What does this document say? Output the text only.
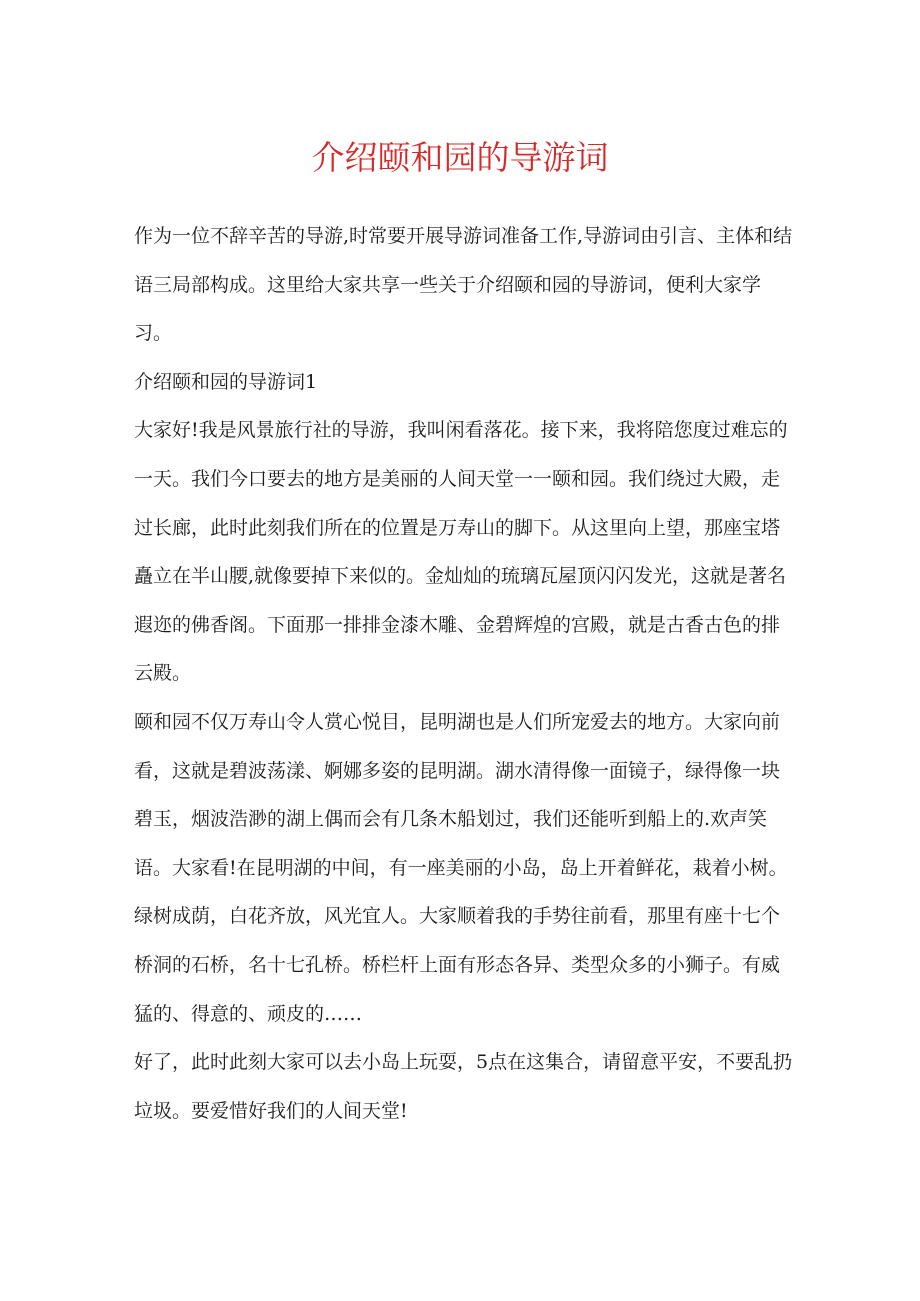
介绍颐和园的导游词

作为一位不辞辛苦的导游,时常要开展导游词准备工作,导游词由引言、主体和结语三局部构成。这里给大家共享一些关于介绍颐和园的导游词，便利大家学习。

介绍颐和园的导游词1

大家好!我是风景旅行社的导游，我叫闲看落花。接下来，我将陪您度过难忘的一天。我们今口要去的地方是美丽的人间天堂一一颐和园。我们绕过大殿，走过长廊，此时此刻我们所在的位置是万寿山的脚下。从这里向上望，那座宝塔矗立在半山腰,就像要掉下来似的。金灿灿的琉璃瓦屋顶闪闪发光，这就是著名遐迩的佛香阁。下面那一排排金漆木雕、金碧辉煌的宫殿，就是古香古色的排云殿。

颐和园不仅万寿山令人赏心悦目，昆明湖也是人们所宠爱去的地方。大家向前看，这就是碧波荡漾、婀娜多姿的昆明湖。湖水清得像一面镜子，绿得像一块碧玉，烟波浩渺的湖上偶而会有几条木船划过，我们还能听到船上的.欢声笑语。大家看!在昆明湖的中间，有一座美丽的小岛，岛上开着鲜花，栽着小树。绿树成荫，白花齐放，风光宜人。大家顺着我的手势往前看，那里有座十七个桥洞的石桥，名十七孔桥。桥栏杆上面有形态各异、类型众多的小狮子。有威猛的、得意的、顽皮的……

好了，此时此刻大家可以去小岛上玩耍，5点在这集合，请留意平安，不要乱扔垃圾。要爱惜好我们的人间天堂!
